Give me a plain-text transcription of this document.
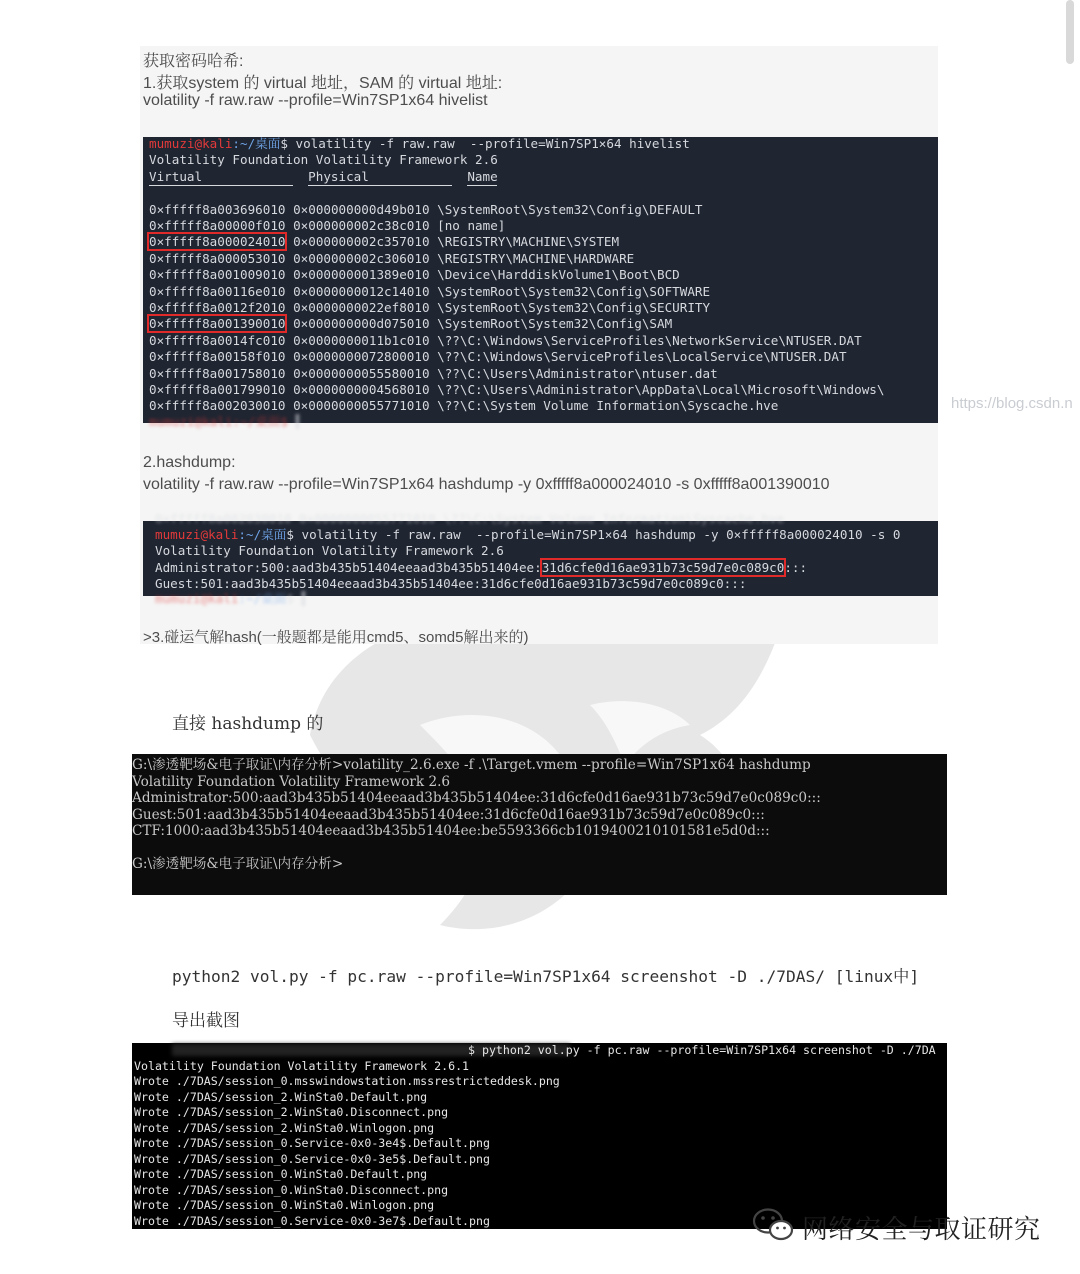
获取密码哈希:
1.获取system 的 virtual 地址，SAM 的 virtual 地址:
volatility -f raw.raw --profile=Win7SP1x64 hivelist
2.hashdump:
volatility -f raw.raw --profile=Win7SP1x64 hashdump -y 0xfffff8a000024010 -s 0xfffff8a001390010
>3.碰运气解hash(一般题都是能用cmd5、somd5解出来的)
mumuzi@kali:~/桌面$ volatility -f raw.raw  --profile=Win7SP1×64 hivelist
Volatility Foundation Volatility Framework 2.6
Virtual	Physical	Name
0×fffff8a003696010 0×000000000d49b010 \SystemRoot\System32\Config\DEFAULT
0×fffff8a00000f010 0×000000002c38c010 [no name]
0×fffff8a000024010 0×000000002c357010 \REGISTRY\MACHINE\SYSTEM
0×fffff8a000053010 0×000000002c306010 \REGISTRY\MACHINE\HARDWARE
0×fffff8a001009010 0×000000001389e010 \Device\HarddiskVolume1\Boot\BCD
0×fffff8a00116e010 0×0000000012c14010 \SystemRoot\System32\Config\SOFTWARE
0×fffff8a0012f2010 0×0000000022ef8010 \SystemRoot\System32\Config\SECURITY
0×fffff8a001390010 0×000000000d075010 \SystemRoot\System32\Config\SAM
0×fffff8a0014fc010 0×0000000011b1c010 \??\C:\Windows\ServiceProfiles\NetworkService\NTUSER.DAT
0×fffff8a00158f010 0×0000000072800010 \??\C:\Windows\ServiceProfiles\LocalService\NTUSER.DAT
0×fffff8a001758010 0×0000000055580010 \??\C:\Users\Administrator\ntuser.dat
0×fffff8a001799010 0×0000000004568010 \??\C:\Users\Administrator\AppData\Local\Microsoft\Windows\
0×fffff8a002030010 0×0000000055771010 \??\C:\System Volume Information\Syscache.hve
mumuzi@kali:~/桌面$ ▌
https://blog.csdn.n
0×fffff8a002030010 0×0000000055771010 \??\C:\System Volume Information\Syscache.hve
mumuzi@kali:~/桌面$ volatility -f raw.raw  --profile=Win7SP1×64 hashdump -y 0×fffff8a000024010 -s 0
Volatility Foundation Volatility Framework 2.6
Administrator:500:aad3b435b51404eeaad3b435b51404ee:31d6cfe0d16ae931b73c59d7e0c089c0:::
Guest:501:aad3b435b51404eeaad3b435b51404ee:31d6cfe0d16ae931b73c59d7e0c089c0:::
mumuzi@kali:~/桌面$ ▌
直接 hashdump 的
G:\渗透靶场&电子取证\内存分析>volatility_2.6.exe -f .\Target.vmem --profile=Win7SP1x64 hashdump
Volatility Foundation Volatility Framework 2.6
Administrator:500:aad3b435b51404eeaad3b435b51404ee:31d6cfe0d16ae931b73c59d7e0c089c0:::
Guest:501:aad3b435b51404eeaad3b435b51404ee:31d6cfe0d16ae931b73c59d7e0c089c0:::
CTF:1000:aad3b435b51404eeaad3b435b51404ee:be5593366cb1019400210101581e5d0d:::
G:\渗透靶场&电子取证\内存分析>
python2 vol.py -f pc.raw --profile=Win7SP1x64 screenshot -D ./7DAS/ [linux中]
导出截图
$ python2 vol.py -f pc.raw --profile=Win7SP1x64 screenshot -D ./7DA
Volatility Foundation Volatility Framework 2.6.1
Wrote ./7DAS/session_0.msswindowstation.mssrestricteddesk.png
Wrote ./7DAS/session_2.WinSta0.Default.png
Wrote ./7DAS/session_2.WinSta0.Disconnect.png
Wrote ./7DAS/session_2.WinSta0.Winlogon.png
Wrote ./7DAS/session_0.Service-0x0-3e4$.Default.png
Wrote ./7DAS/session_0.Service-0x0-3e5$.Default.png
Wrote ./7DAS/session_0.WinSta0.Default.png
Wrote ./7DAS/session_0.WinSta0.Disconnect.png
Wrote ./7DAS/session_0.WinSta0.Winlogon.png
Wrote ./7DAS/session_0.Service-0x0-3e7$.Default.png	网络安全与取证研究
